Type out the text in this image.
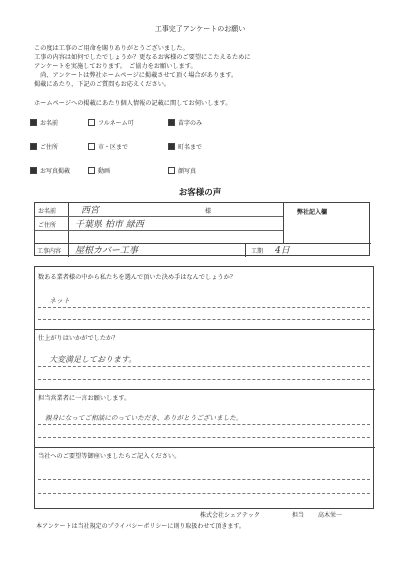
工事完了アンケートのお願い
この度は工事のご用命を賜りありがとうございました。
工事の内容は如何でしたでしょうか？更なるお客様のご要望にこたえるために
アンケートを実施しております。　ご協力をお願いします。
　尚、アンケートは弊社ホームページに掲載させて頂く場合があります。
掲載にあたり、下記のご質問もお応えください。
ホームページへの掲載にあたり個人情報の記載に関してお伺いします。
お名前	フルネーム可	苗字のみ
ご住所	市・区まで	町名まで
お写真掲載	動画	顔写真
お客様の声
お名前	西宮	様
ご住所 千葉県 柏市 緑西
工事内容 屋根カバー工事	工期 4日
弊社記入欄
数ある業者様の中から私たちを選んで頂いた決め手はなんでしょうか？
ネット
仕上がりはいかがでしたか？
大変満足しております。
担当営業者に一言お願いします。
親身になってご相談にのっていただき、ありがとうございました。
当社へのご要望等御座いましたらご記入ください。
株式会社シェアテック	担当 高木栄一
本アンケートは当社規定のプライバシーポリシーに則り取扱わせて頂きます。
